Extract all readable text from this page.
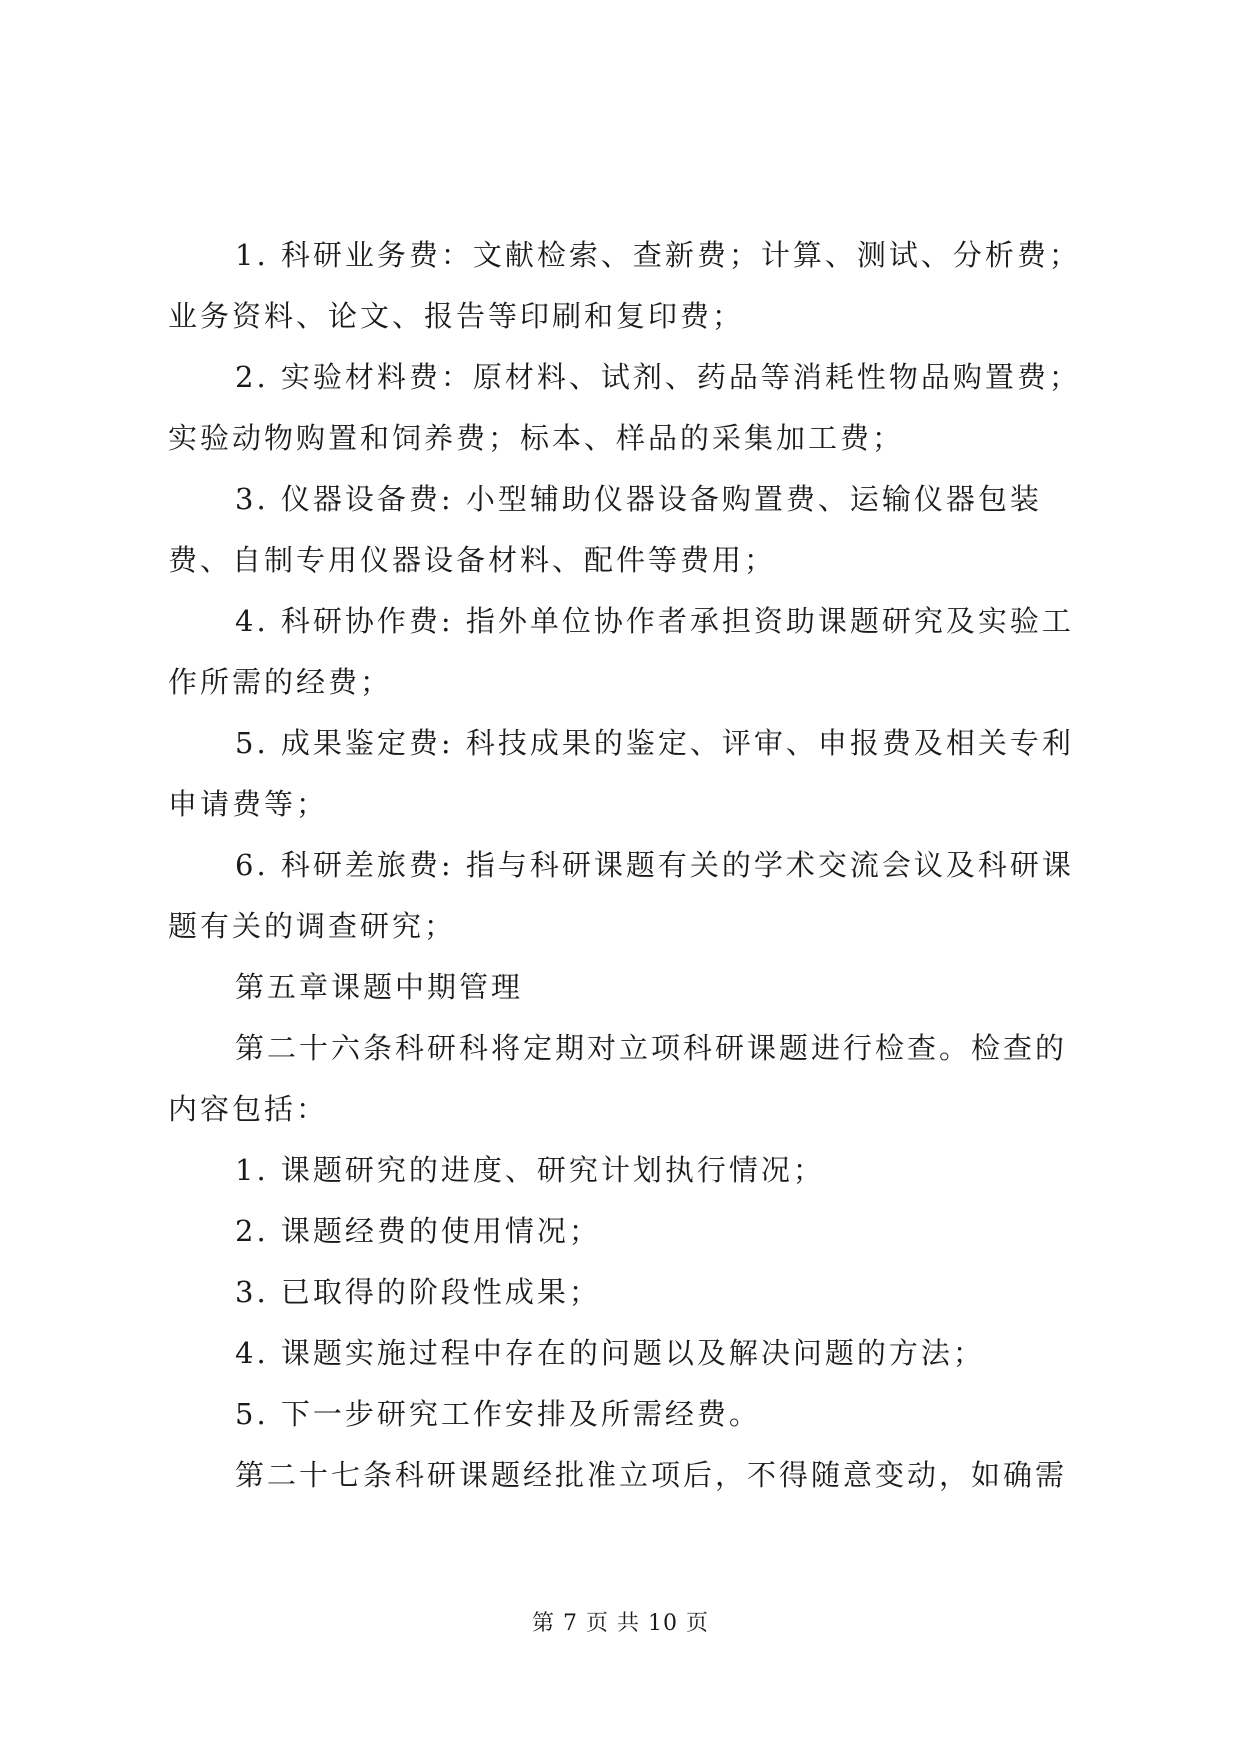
1. 科研业务费：文献检索、查新费；计算、测试、分析费；业务资料、论文、报告等印刷和复印费；

2. 实验材料费：原材料、试剂、药品等消耗性物品购置费；实验动物购置和饲养费；标本、样品的采集加工费；

3. 仪器设备费: 小型辅助仪器设备购置费、运输仪器包装费、自制专用仪器设备材料、配件等费用；

4. 科研协作费: 指外单位协作者承担资助课题研究及实验工作所需的经费；

5. 成果鉴定费: 科技成果的鉴定、评审、申报费及相关专利申请费等；

6. 科研差旅费: 指与科研课题有关的学术交流会议及科研课题有关的调查研究；

第五章课题中期管理

第二十六条科研科将定期对立项科研课题进行检查。检查的内容包括：

1. 课题研究的进度、研究计划执行情况；

2. 课题经费的使用情况；

3. 已取得的阶段性成果；

4. 课题实施过程中存在的问题以及解决问题的方法；

5. 下一步研究工作安排及所需经费。

第二十七条科研课题经批准立项后，不得随意变动，如确需

第 7 页 共 10 页
